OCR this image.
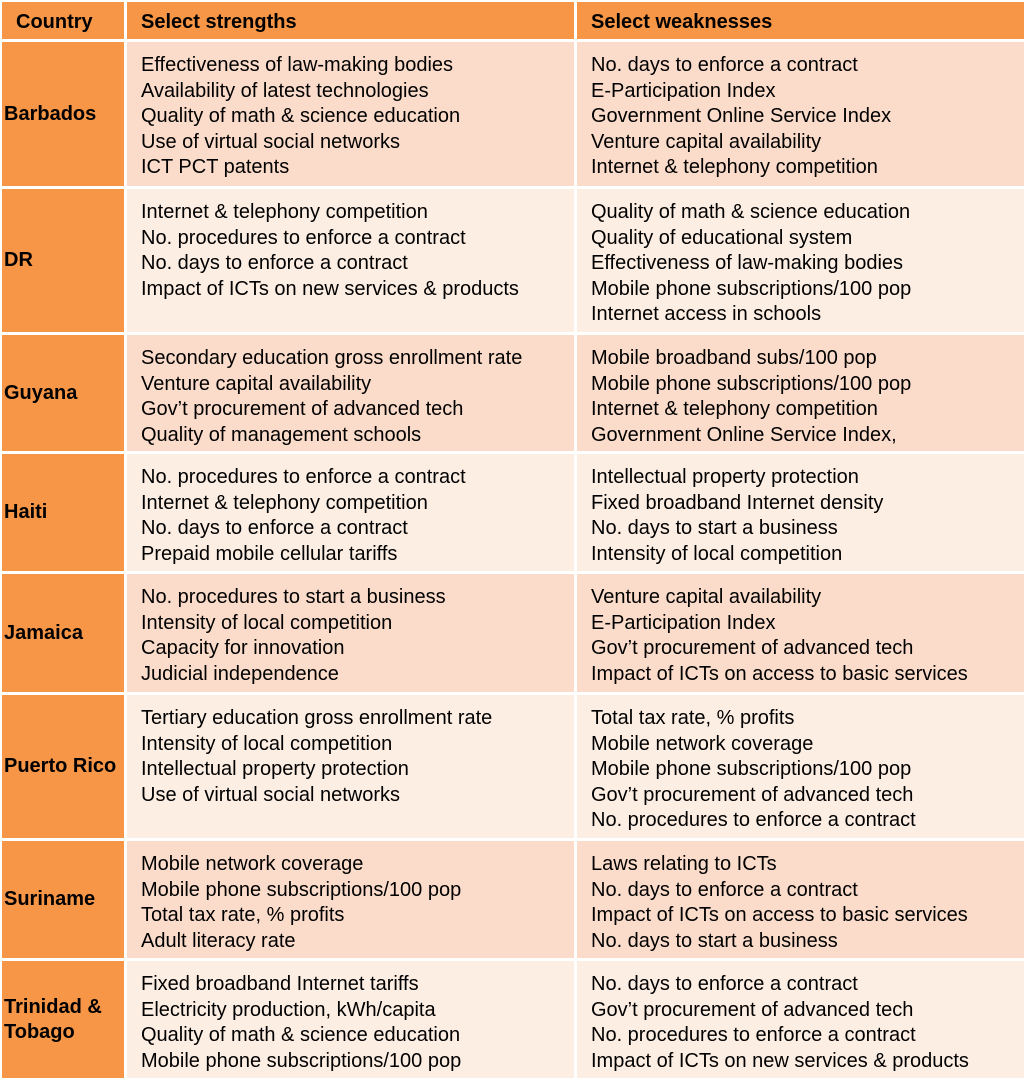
Country	Select strengths	Select weaknesses
Barbados
Effectiveness of law-making bodies
Availability of latest technologies
Quality of math & science education
Use of virtual social networks
ICT PCT patents
No. days to enforce a contract
E-Participation Index
Government Online Service Index
Venture capital availability
Internet & telephony competition
DR
Internet & telephony competition
No. procedures to enforce a contract
No. days to enforce a contract
Impact of ICTs on new services & products
Quality of math & science education
Quality of educational system
Effectiveness of law-making bodies
Mobile phone subscriptions/100 pop
Internet access in schools
Guyana
Secondary education gross enrollment rate
Venture capital availability
Gov’t procurement of advanced tech
Quality of management schools
Mobile broadband subs/100 pop
Mobile phone subscriptions/100 pop
Internet & telephony competition
Government Online Service Index,
Haiti
No. procedures to enforce a contract
Internet & telephony competition
No. days to enforce a contract
Prepaid mobile cellular tariffs
Intellectual property protection
Fixed broadband Internet density
No. days to start a business
Intensity of local competition
Jamaica
No. procedures to start a business
Intensity of local competition
Capacity for innovation
Judicial independence
Venture capital availability
E-Participation Index
Gov’t procurement of advanced tech
Impact of ICTs on access to basic services
Puerto Rico
Tertiary education gross enrollment rate
Intensity of local competition
Intellectual property protection
Use of virtual social networks
Total tax rate, % profits
Mobile network coverage
Mobile phone subscriptions/100 pop
Gov’t procurement of advanced tech
No. procedures to enforce a contract
Suriname
Mobile network coverage
Mobile phone subscriptions/100 pop
Total tax rate, % profits
Adult literacy rate
Laws relating to ICTs
No. days to enforce a contract
Impact of ICTs on access to basic services
No. days to start a business
Trinidad &
Tobago
Fixed broadband Internet tariffs
Electricity production, kWh/capita
Quality of math & science education
Mobile phone subscriptions/100 pop
No. days to enforce a contract
Gov’t procurement of advanced tech
No. procedures to enforce a contract
Impact of ICTs on new services & products
